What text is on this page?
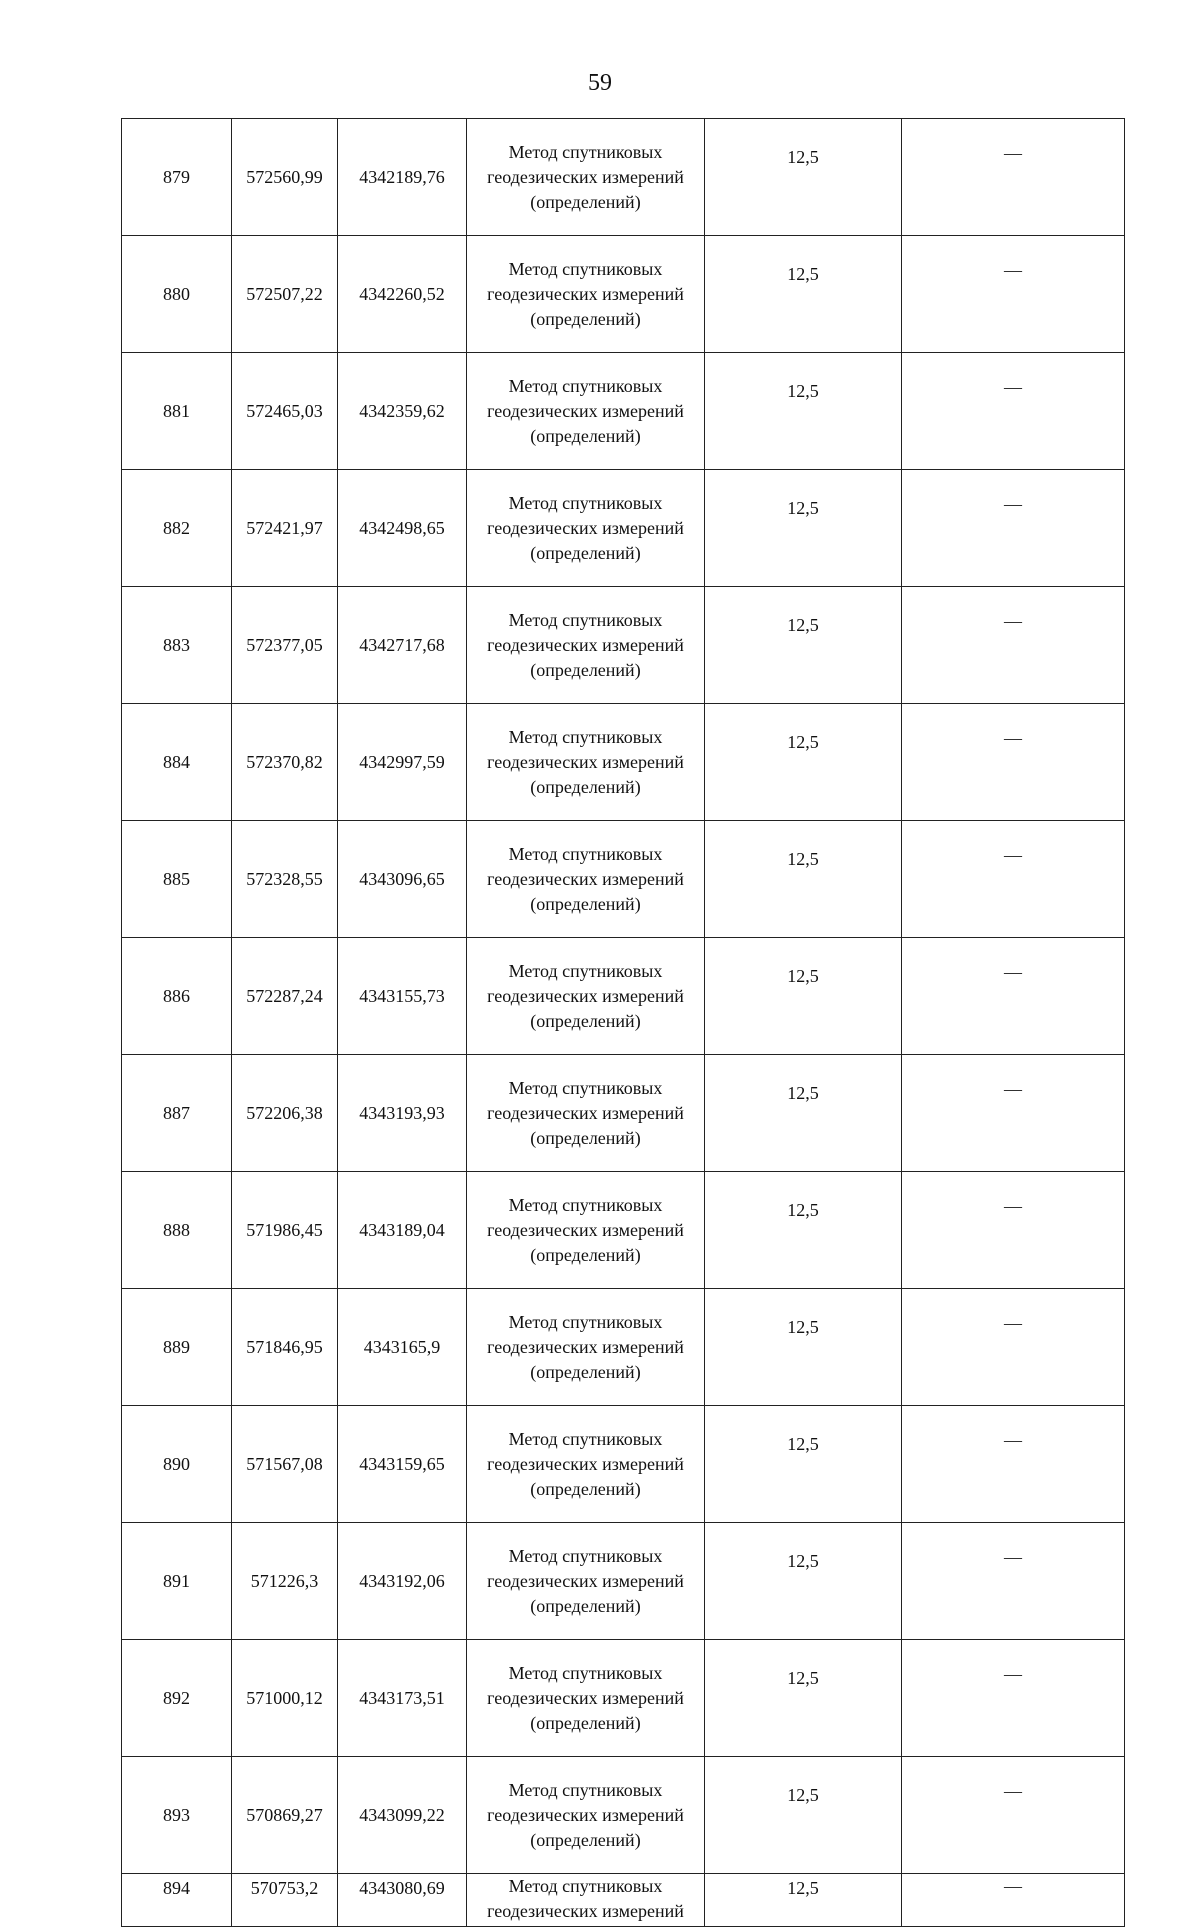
59
879	572560,99	4342189,76	Метод спутниковых
геодезических измерений
(определений)	12,5	—
880	572507,22	4342260,52	Метод спутниковых
геодезических измерений
(определений)	12,5	—
881	572465,03	4342359,62	Метод спутниковых
геодезических измерений
(определений)	12,5	—
882	572421,97	4342498,65	Метод спутниковых
геодезических измерений
(определений)	12,5	—
883	572377,05	4342717,68	Метод спутниковых
геодезических измерений
(определений)	12,5	—
884	572370,82	4342997,59	Метод спутниковых
геодезических измерений
(определений)	12,5	—
885	572328,55	4343096,65	Метод спутниковых
геодезических измерений
(определений)	12,5	—
886	572287,24	4343155,73	Метод спутниковых
геодезических измерений
(определений)	12,5	—
887	572206,38	4343193,93	Метод спутниковых
геодезических измерений
(определений)	12,5	—
888	571986,45	4343189,04	Метод спутниковых
геодезических измерений
(определений)	12,5	—
889	571846,95	4343165,9	Метод спутниковых
геодезических измерений
(определений)	12,5	—
890	571567,08	4343159,65	Метод спутниковых
геодезических измерений
(определений)	12,5	—
891	571226,3	4343192,06	Метод спутниковых
геодезических измерений
(определений)	12,5	—
892	571000,12	4343173,51	Метод спутниковых
геодезических измерений
(определений)	12,5	—
893	570869,27	4343099,22	Метод спутниковых
геодезических измерений
(определений)	12,5	—
894	570753,2	4343080,69	Метод спутниковых
геодезических измерений	12,5	—
